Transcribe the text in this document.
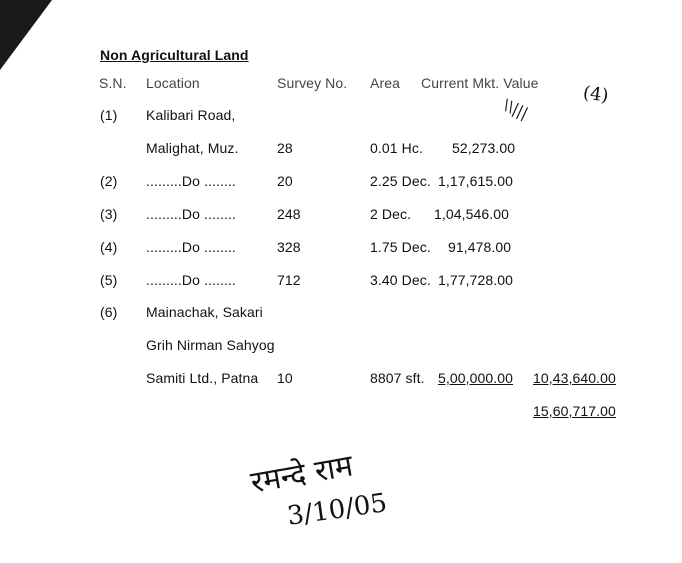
Non Agricultural Land
S.N. Location	Survey No. Area Current Mkt. Value (4)
\\|||
(1) Kalibari Road,
Malighat, Muz.	28	0.01 Hc. 52,273.00
(2) .........Do ........	20	2.25 Dec. 1,17,615.00
(3) .........Do ........	248	2 Dec. 1,04,546.00
(4) .........Do ........	328	1.75 Dec. 91,478.00
(5) .........Do ........	712	3.40 Dec. 1,77,728.00
(6) Mainachak, Sakari
Grih Nirman Sahyog
Samiti Ltd., Patna 10	8807 sft. 5,00,000.00 10,43,640.00
15,60,717.00
रमन्दे राम
3/10/05
